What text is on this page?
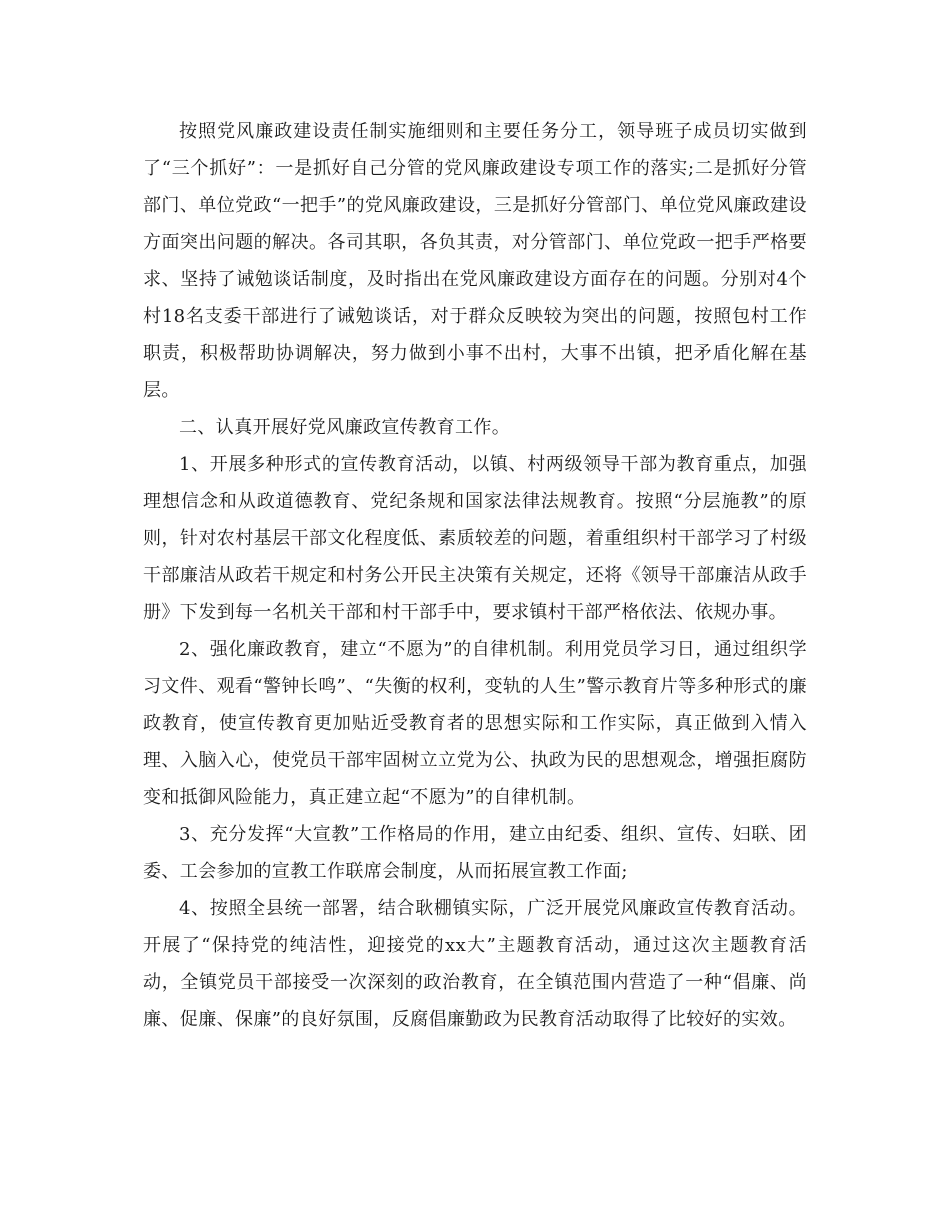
按照党风廉政建设责任制实施细则和主要任务分工，领导班子成员切实做到了“三个抓好”：一是抓好自己分管的党风廉政建设专项工作的落实;二是抓好分管部门、单位党政“一把手”的党风廉政建设，三是抓好分管部门、单位党风廉政建设方面突出问题的解决。各司其职，各负其责，对分管部门、单位党政一把手严格要求、坚持了诫勉谈话制度，及时指出在党风廉政建设方面存在的问题。分别对4个村18名支委干部进行了诫勉谈话，对于群众反映较为突出的问题，按照包村工作职责，积极帮助协调解决，努力做到小事不出村，大事不出镇，把矛盾化解在基层。

二、认真开展好党风廉政宣传教育工作。

1、开展多种形式的宣传教育活动，以镇、村两级领导干部为教育重点，加强理想信念和从政道德教育、党纪条规和国家法律法规教育。按照“分层施教”的原则，针对农村基层干部文化程度低、素质较差的问题，着重组织村干部学习了村级干部廉洁从政若干规定和村务公开民主决策有关规定，还将《领导干部廉洁从政手册》下发到每一名机关干部和村干部手中，要求镇村干部严格依法、依规办事。

2、强化廉政教育，建立“不愿为”的自律机制。利用党员学习日，通过组织学习文件、观看“警钟长鸣”、“失衡的权利，变轨的人生”警示教育片等多种形式的廉政教育，使宣传教育更加贴近受教育者的思想实际和工作实际，真正做到入情入理、入脑入心，使党员干部牢固树立立党为公、执政为民的思想观念，增强拒腐防变和抵御风险能力，真正建立起“不愿为”的自律机制。

3、充分发挥“大宣教”工作格局的作用，建立由纪委、组织、宣传、妇联、团委、工会参加的宣教工作联席会制度，从而拓展宣教工作面;

4、按照全县统一部署，结合耿棚镇实际，广泛开展党风廉政宣传教育活动。开展了“保持党的纯洁性，迎接党的xx大”主题教育活动，通过这次主题教育活动，全镇党员干部接受一次深刻的政治教育，在全镇范围内营造了一种“倡廉、尚廉、促廉、保廉”的良好氛围，反腐倡廉勤政为民教育活动取得了比较好的实效。
